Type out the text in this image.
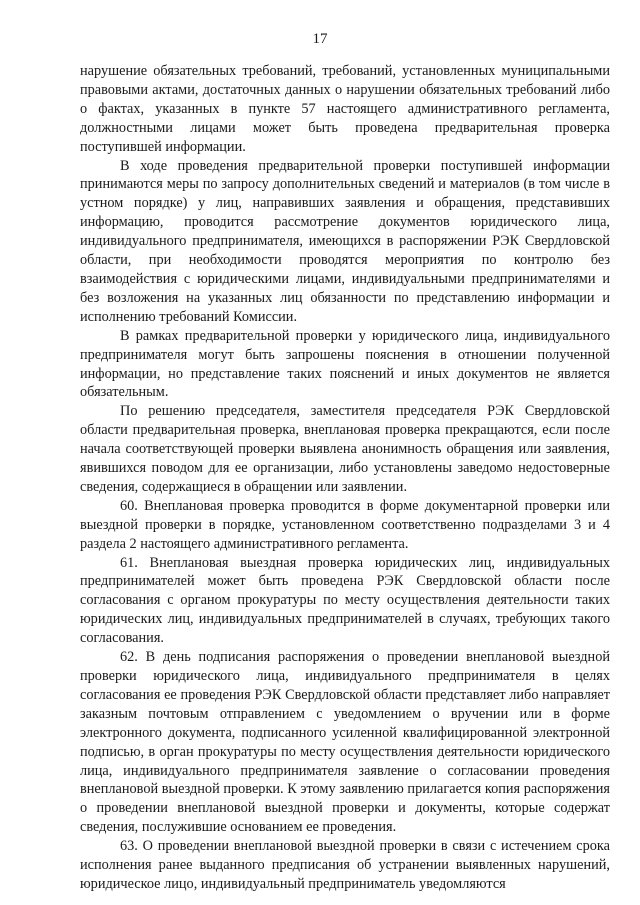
17

нарушение обязательных требований, требований, установленных муниципальными правовыми актами, достаточных данных о нарушении обязательных требований либо о фактах, указанных в пункте 57 настоящего административного регламента, должностными лицами может быть проведена предварительная проверка поступившей информации.

В ходе проведения предварительной проверки поступившей информации принимаются меры по запросу дополнительных сведений и материалов (в том числе в устном порядке) у лиц, направивших заявления и обращения, представивших информацию, проводится рассмотрение документов юридического лица, индивидуального предпринимателя, имеющихся в распоряжении РЭК Свердловской области, при необходимости проводятся мероприятия по контролю без взаимодействия с юридическими лицами, индивидуальными предпринимателями и без возложения на указанных лиц обязанности по представлению информации и исполнению требований Комиссии.

В рамках предварительной проверки у юридического лица, индивидуального предпринимателя могут быть запрошены пояснения в отношении полученной информации, но представление таких пояснений и иных документов не является обязательным.

По решению председателя, заместителя председателя РЭК Свердловской области предварительная проверка, внеплановая проверка прекращаются, если после начала соответствующей проверки выявлена анонимность обращения или заявления, явившихся поводом для ее организации, либо установлены заведомо недостоверные сведения, содержащиеся в обращении или заявлении.

60. Внеплановая проверка проводится в форме документарной проверки или выездной проверки в порядке, установленном соответственно подразделами 3 и 4 раздела 2 настоящего административного регламента.

61. Внеплановая выездная проверка юридических лиц, индивидуальных предпринимателей может быть проведена РЭК Свердловской области после согласования с органом прокуратуры по месту осуществления деятельности таких юридических лиц, индивидуальных предпринимателей в случаях, требующих такого согласования.

62. В день подписания распоряжения о проведении внеплановой выездной проверки юридического лица, индивидуального предпринимателя в целях согласования ее проведения РЭК Свердловской области представляет либо направляет заказным почтовым отправлением с уведомлением о вручении или в форме электронного документа, подписанного усиленной квалифицированной электронной подписью, в орган прокуратуры по месту осуществления деятельности юридического лица, индивидуального предпринимателя заявление о согласовании проведения внеплановой выездной проверки. К этому заявлению прилагается копия распоряжения о проведении внеплановой выездной проверки и документы, которые содержат сведения, послужившие основанием ее проведения.

63. О проведении внеплановой выездной проверки в связи с истечением срока исполнения ранее выданного предписания об устранении выявленных нарушений, юридическое лицо, индивидуальный предприниматель уведомляются
